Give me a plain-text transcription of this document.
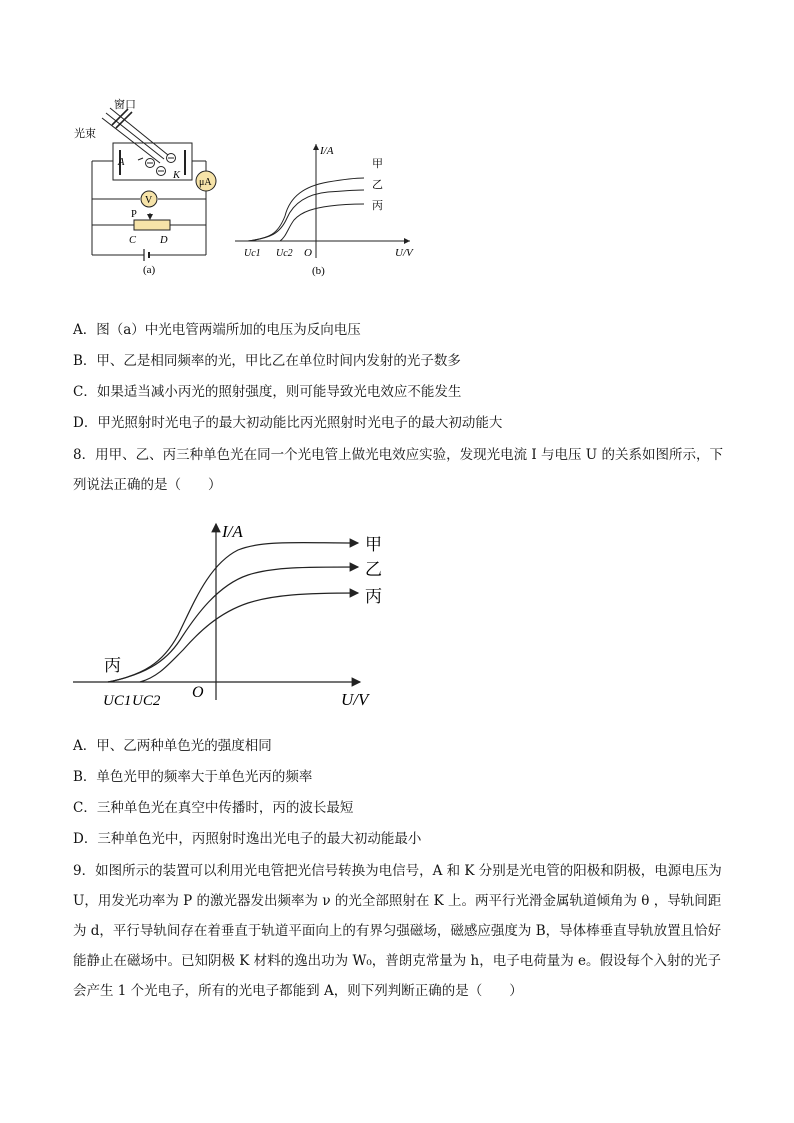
窗口
光束
A
K
μA
V
P
C D
(a)
I/A
U/V
O
Uc1 Uc2
甲
乙
丙
(b)
A．图（a）中光电管两端所加的电压为反向电压
B．甲、乙是相同频率的光，甲比乙在单位时间内发射的光子数多
C．如果适当减小丙光的照射强度，则可能导致光电效应不能发生
D．甲光照射时光电子的最大初动能比丙光照射时光电子的最大初动能大
8．用甲、乙、丙三种单色光在同一个光电管上做光电效应实验，发现光电流 I 与电压 U 的关系如图所示，下列说法正确的是（　　）
I/A
U/V
O
UC1 UC2
甲
乙
丙
丙
A．甲、乙两种单色光的强度相同
B．单色光甲的频率大于单色光丙的频率
C．三种单色光在真空中传播时，丙的波长最短
D．三种单色光中，丙照射时逸出光电子的最大初动能最小
9．如图所示的装置可以利用光电管把光信号转换为电信号，A 和 K 分别是光电管的阳极和阴极，电源电压为 U，用发光功率为 P 的激光器发出频率为 ν 的光全部照射在 K 上。两平行光滑金属轨道倾角为 θ ，导轨间距为 d，平行导轨间存在着垂直于轨道平面向上的有界匀强磁场，磁感应强度为 B，导体棒垂直导轨放置且恰好能静止在磁场中。已知阴极 K 材料的逸出功为 W₀，普朗克常量为 h，电子电荷量为 e。假设每个入射的光子会产生 1 个光电子，所有的光电子都能到 A，则下列判断正确的是（　　）
